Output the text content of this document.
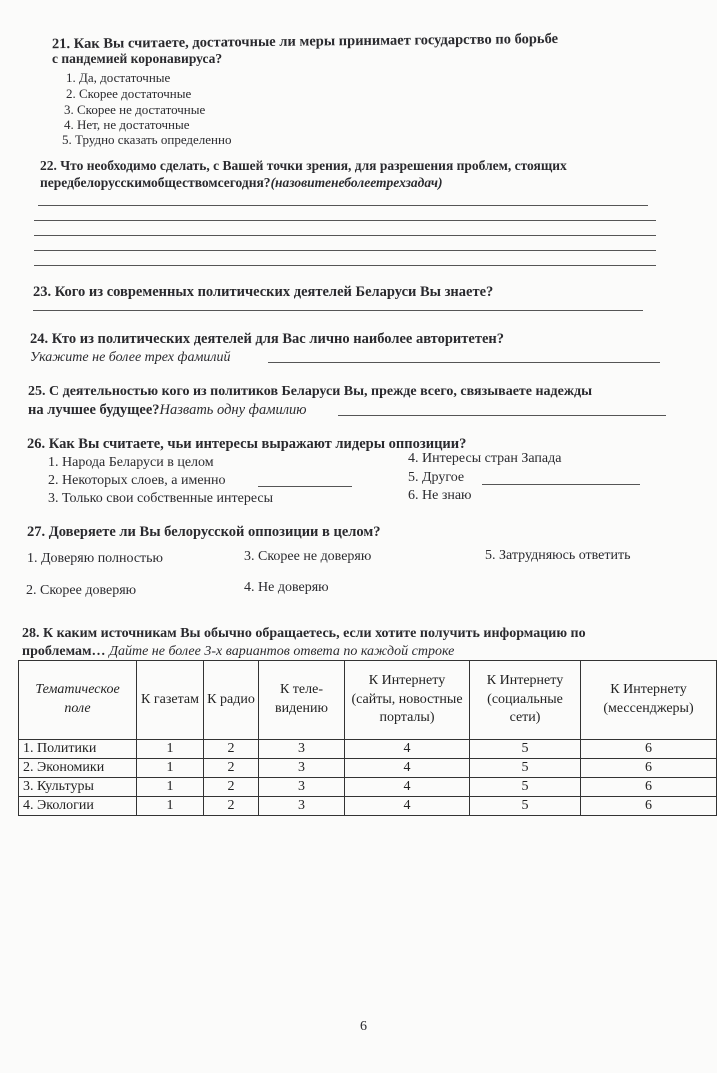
21. Как Вы считаете, достаточные ли меры принимает государство по борьбе
с пандемией коронавируса?
1. Да, достаточные
2. Скорее достаточные
3. Скорее не достаточные
4. Нет, не достаточные
5. Трудно сказать определенно
22. Что необходимо сделать, с Вашей точки зрения, для разрешения проблем, стоящих
передбелорусскимобществомсегодня?(назовитенеболеетрехзадач)
23. Кого из современных политических деятелей Беларуси Вы знаете?
24. Кто из политических деятелей для Вас лично наиболее авторитетен?
Укажите не более трех фамилий
25. С деятельностью кого из политиков Беларуси Вы, прежде всего, связываете надежды
на лучшее будущее?Назвать одну фамилию
26. Как Вы считаете, чьи интересы выражают лидеры оппозиции?
1. Народа Беларуси в целом
2. Некоторых слоев, а именно
3. Только свои собственные интересы
4. Интересы стран Запада
5. Другое
6. Не знаю
27. Доверяете ли Вы белорусской оппозиции в целом?
1. Доверяю полностью	3. Скорее не доверяю	5. Затрудняюсь ответить
2. Скорее доверяю	4. Не доверяю
28. К каким источникам Вы обычно обращаетесь, если хотите получить информацию по
проблемам… Дайте не более 3-х вариантов ответа по каждой строке
Тематическое поле	К газетам	К радио	К теле- видению	К Интернету (сайты, новостные порталы)	К Интернету (социальные сети)	К Интернету (мессенджеры)
1. Политики	1	2	3	4	5	6
2. Экономики	1	2	3	4	5	6
3. Культуры	1	2	3	4	5	6
4. Экологии	1	2	3	4	5	6
6
